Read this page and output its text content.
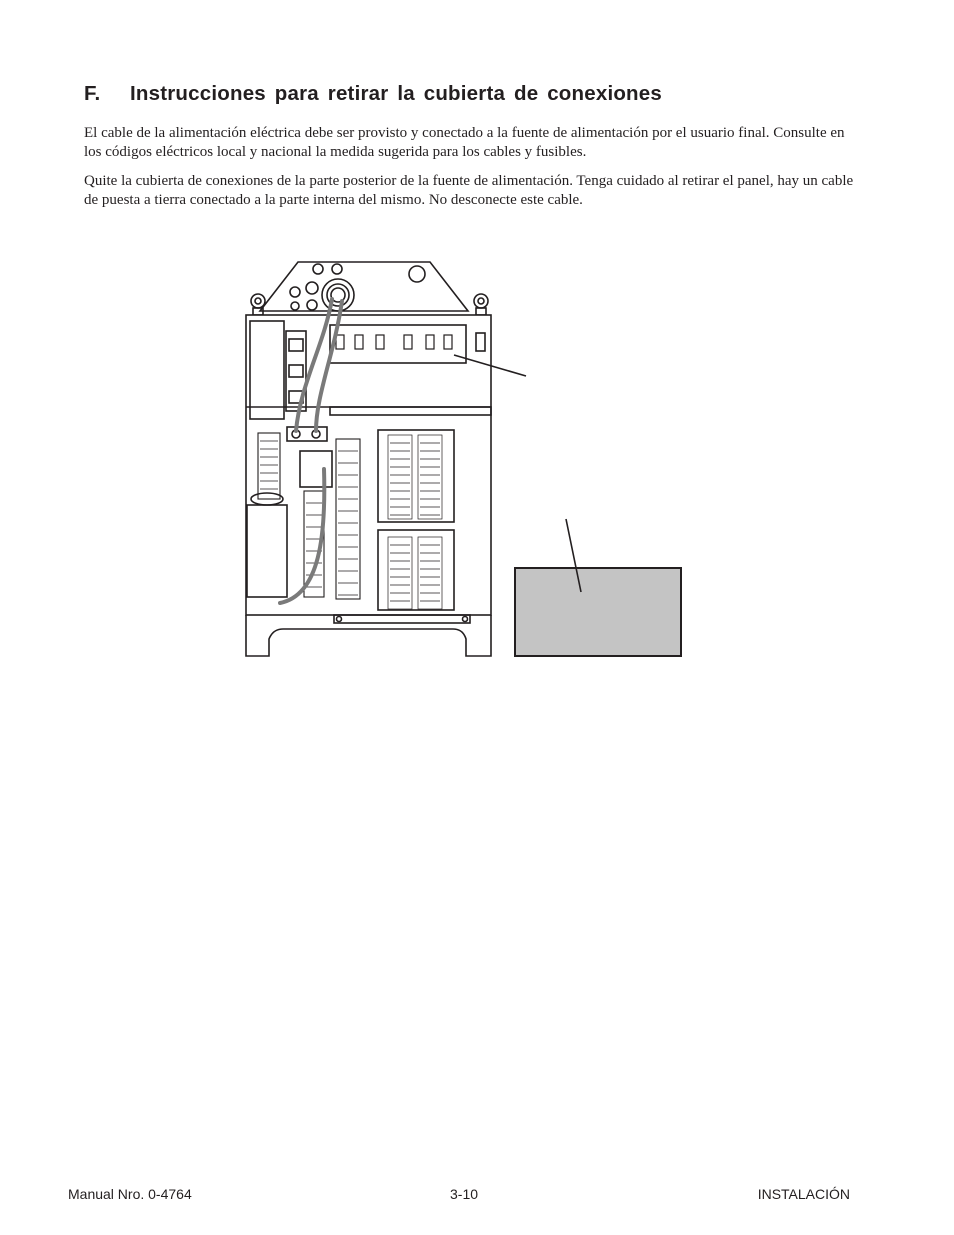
F. Instrucciones para retirar la cubierta de conexiones

El cable de la alimentación eléctrica debe ser provisto y conectado a la fuente de alimentación por el usuario final. Consulte en los códigos eléctricos local y nacional la medida sugerida para los cables y fusibles.

Quite la cubierta de conexiones de la parte posterior de la fuente de alimentación. Tenga cuidado al retirar el panel, hay un cable de puesta a tierra conectado a la parte interna del mismo. No desconecte este cable.

Manual Nro. 0-4764	3-10	INSTALACIÓN
